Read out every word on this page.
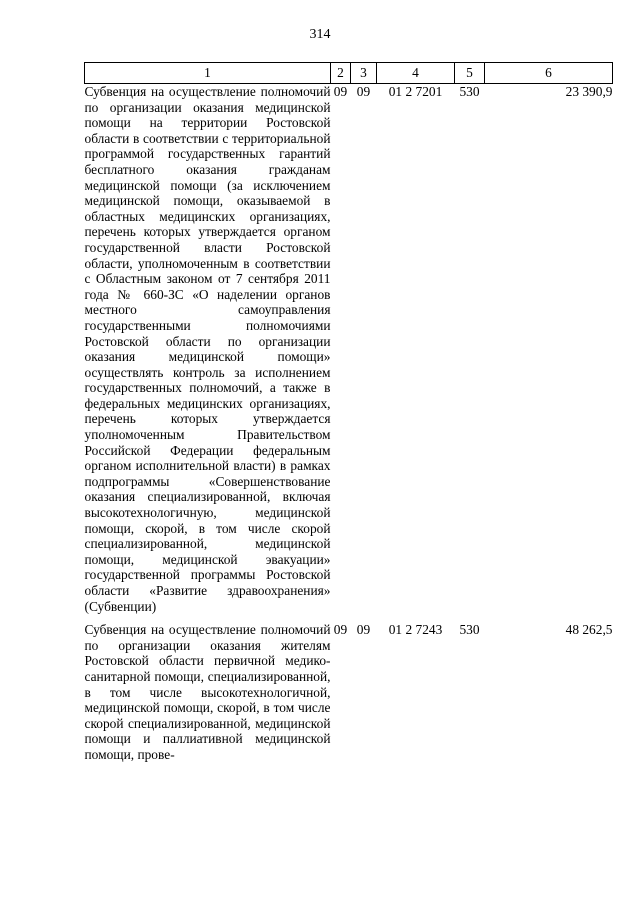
314
1	2	3	4	5	6
Субвенция на осуществление полномочий по организации оказания медицинской помощи на территории Ростовской области в соответствии с территориальной программой государственных гарантий бесплатного оказания гражданам медицинской помощи (за исключением медицинской помощи, оказываемой в областных медицинских организациях, перечень которых утверждается органом государственной власти Ростовской области, уполномоченным в соответствии с Областным законом от 7 сентября 2011 года № 660-ЗС «О наделении органов местного самоуправления государственными полномочиями Ростовской области по организации оказания медицинской помощи» осуществлять контроль за исполнением государственных полномочий, а также в федеральных медицинских организациях, перечень которых утверждается уполномоченным Правительством Российской Федерации федеральным органом исполнительной власти) в рамках подпрограммы «Совершенствование оказания специализированной, включая высокотехнологичную, медицинской помощи, скорой, в том числе скорой специализированной, медицинской помощи, медицинской эвакуации» государственной программы Ростовской области «Развитие здравоохранения» (Субвенции)	09	09	01 2 7201	530	23 390,9
Субвенция на осуществление полномочий по организации оказания жителям Ростовской области первичной медико-санитарной помощи, специализированной, в том числе высокотехнологичной, медицинской помощи, скорой, в том числе скорой специализированной, медицинской помощи и паллиативной медицинской помощи, прове-	09	09	01 2 7243	530	48 262,5
